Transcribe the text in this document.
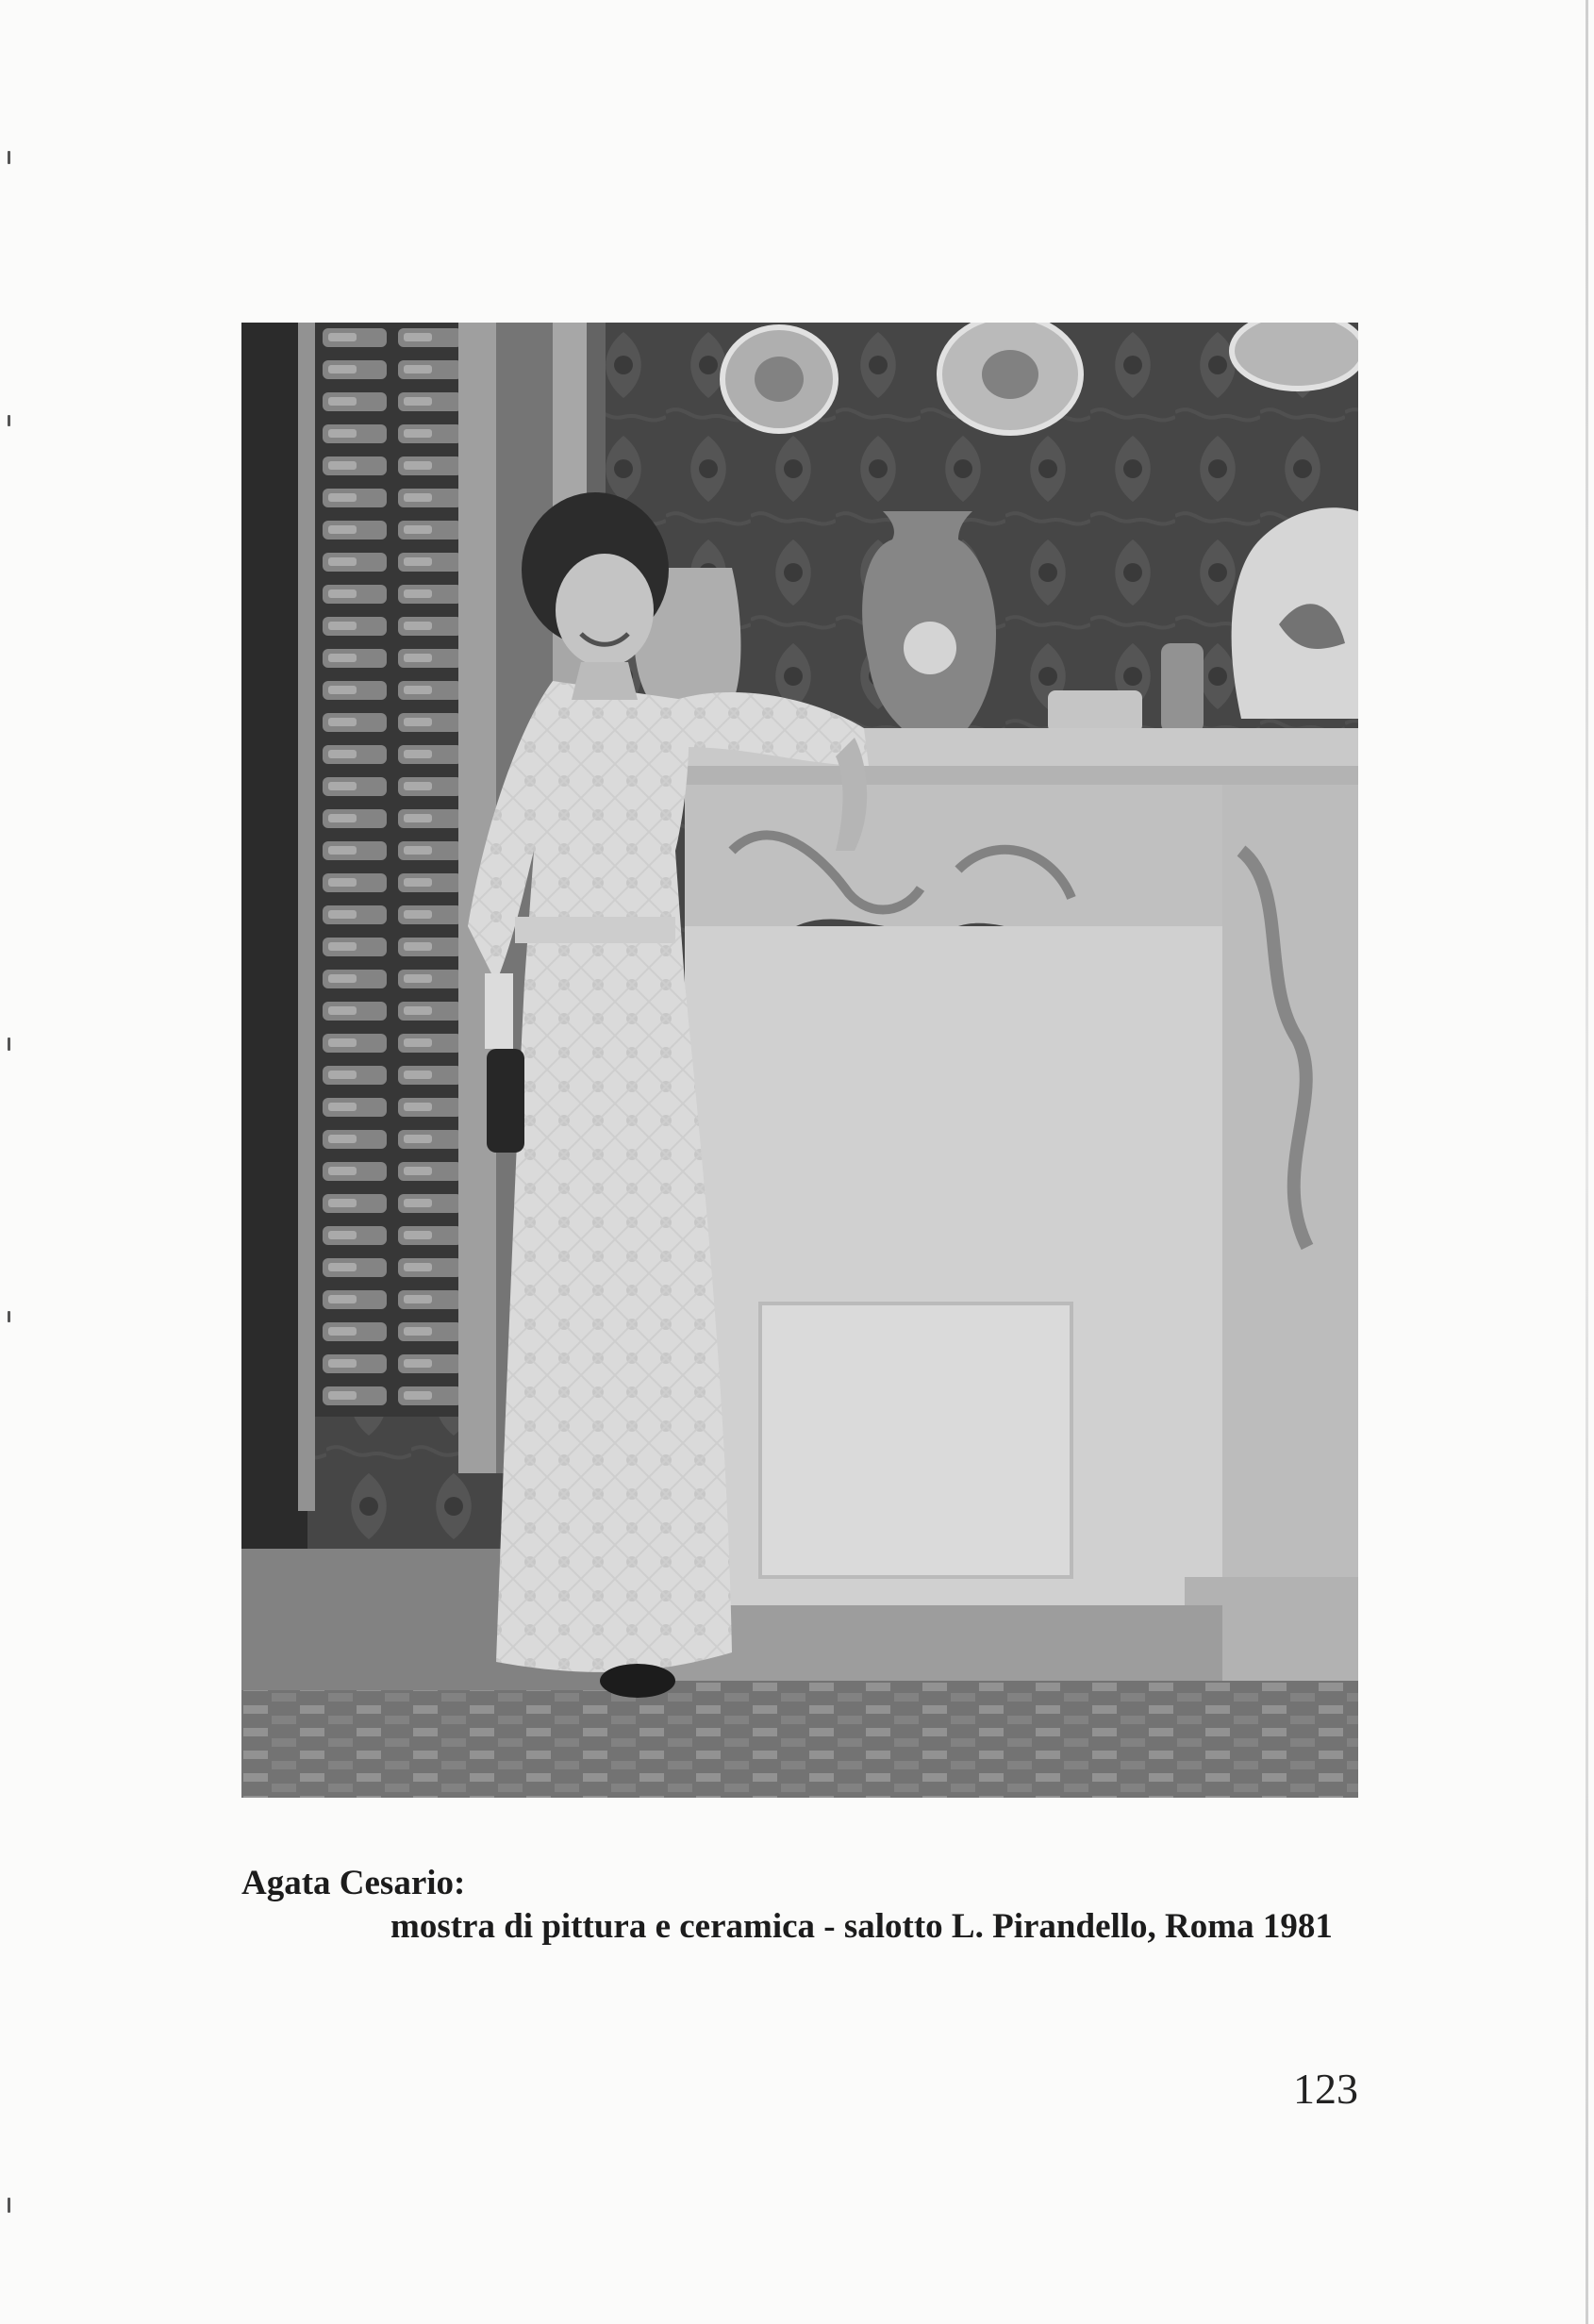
Agata Cesario:
mostra di pittura e ceramica - salotto L. Pirandello, Roma 1981
123
